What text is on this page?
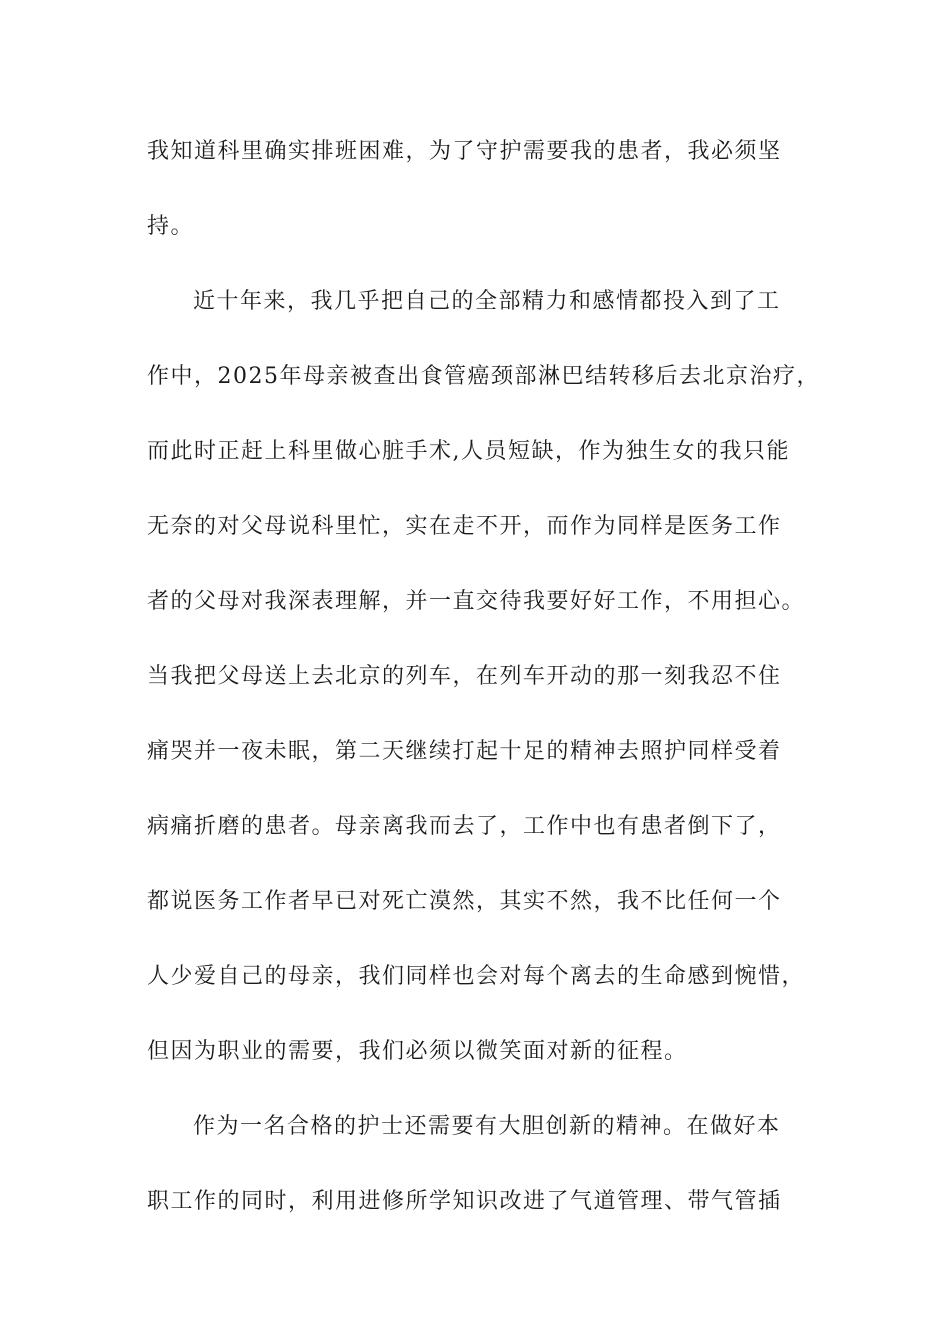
我知道科里确实排班困难，为了守护需要我的患者，我必须坚
持。
近十年来，我几乎把自己的全部精力和感情都投入到了工
作中，2025年母亲被查出食管癌颈部淋巴结转移后去北京治疗，
而此时正赶上科里做心脏手术,人员短缺，作为独生女的我只能
无奈的对父母说科里忙，实在走不开，而作为同样是医务工作
者的父母对我深表理解，并一直交待我要好好工作，不用担心。
当我把父母送上去北京的列车，在列车开动的那一刻我忍不住
痛哭并一夜未眠，第二天继续打起十足的精神去照护同样受着
病痛折磨的患者。母亲离我而去了，工作中也有患者倒下了，
都说医务工作者早已对死亡漠然，其实不然，我不比任何一个
人少爱自己的母亲，我们同样也会对每个离去的生命感到惋惜，
但因为职业的需要，我们必须以微笑面对新的征程。
作为一名合格的护士还需要有大胆创新的精神。在做好本
职工作的同时，利用进修所学知识改进了气道管理、带气管插
